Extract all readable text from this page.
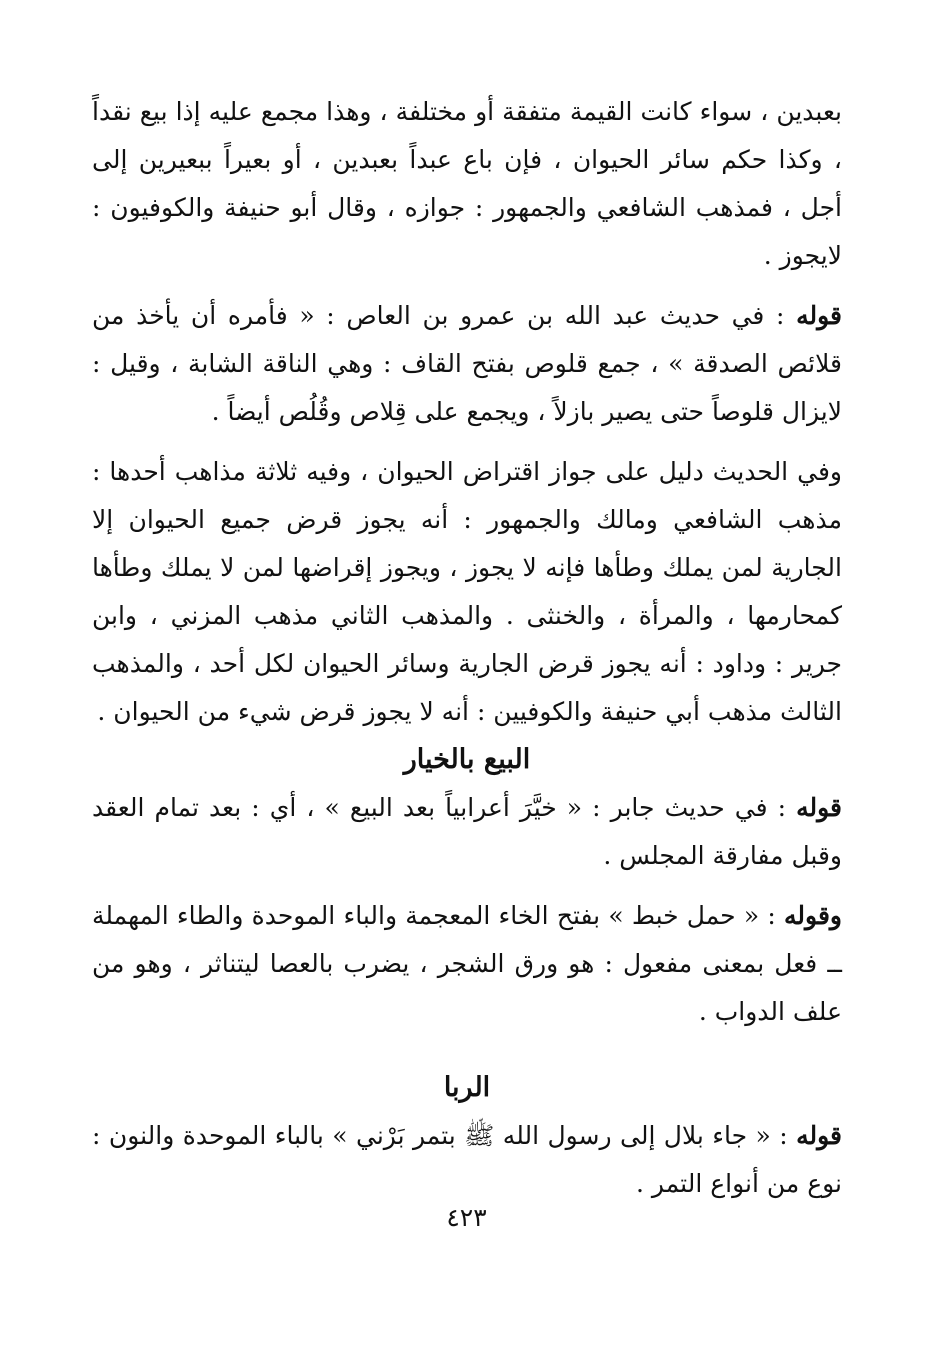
بعبدين ، سواء كانت القيمة متفقة أو مختلفة ، وهذا مجمع عليه إذا بيع نقداً ، وكذا حكم سائر الحيوان ، فإن باع عبداً بعبدين ، أو بعيراً ببعيرين إلى أجل ، فمذهب الشافعي والجمهور : جوازه ، وقال أبو حنيفة والكوفيون : لايجوز .

قوله : في حديث عبد الله بن عمرو بن العاص : « فأمره أن يأخذ من قلائص الصدقة » ، جمع قلوص بفتح القاف : وهي الناقة الشابة ، وقيل : لايزال قلوصاً حتى يصير بازلاً ، ويجمع على قِلاص وقُلُص أيضاً .

وفي الحديث دليل على جواز اقتراض الحيوان ، وفيه ثلاثة مذاهب أحدها : مذهب الشافعي ومالك والجمهور : أنه يجوز قرض جميع الحيوان إلا الجارية لمن يملك وطأها فإنه لا يجوز ، ويجوز إقراضها لمن لا يملك وطأها كمحارمها ، والمرأة ، والخنثى . والمذهب الثاني مذهب المزني ، وابن جرير : وداود : أنه يجوز قرض الجارية وسائر الحيوان لكل أحد ، والمذهب الثالث مذهب أبي حنيفة والكوفيين : أنه لا يجوز قرض شيء من الحيوان .

البيع بالخيار

قوله : في حديث جابر : « خيَّرَ أعرابياً بعد البيع » ، أي : بعد تمام العقد وقبل مفارقة المجلس .

وقوله : « حمل خبط » بفتح الخاء المعجمة والباء الموحدة والطاء المهملة ــ فعل بمعنى مفعول : هو ورق الشجر ، يضرب بالعصا ليتناثر ، وهو من علف الدواب .

الربا

قوله : « جاء بلال إلى رسول الله ﷺ بتمر بَرْني » بالباء الموحدة والنون : نوع من أنواع التمر .

٤٢٣
